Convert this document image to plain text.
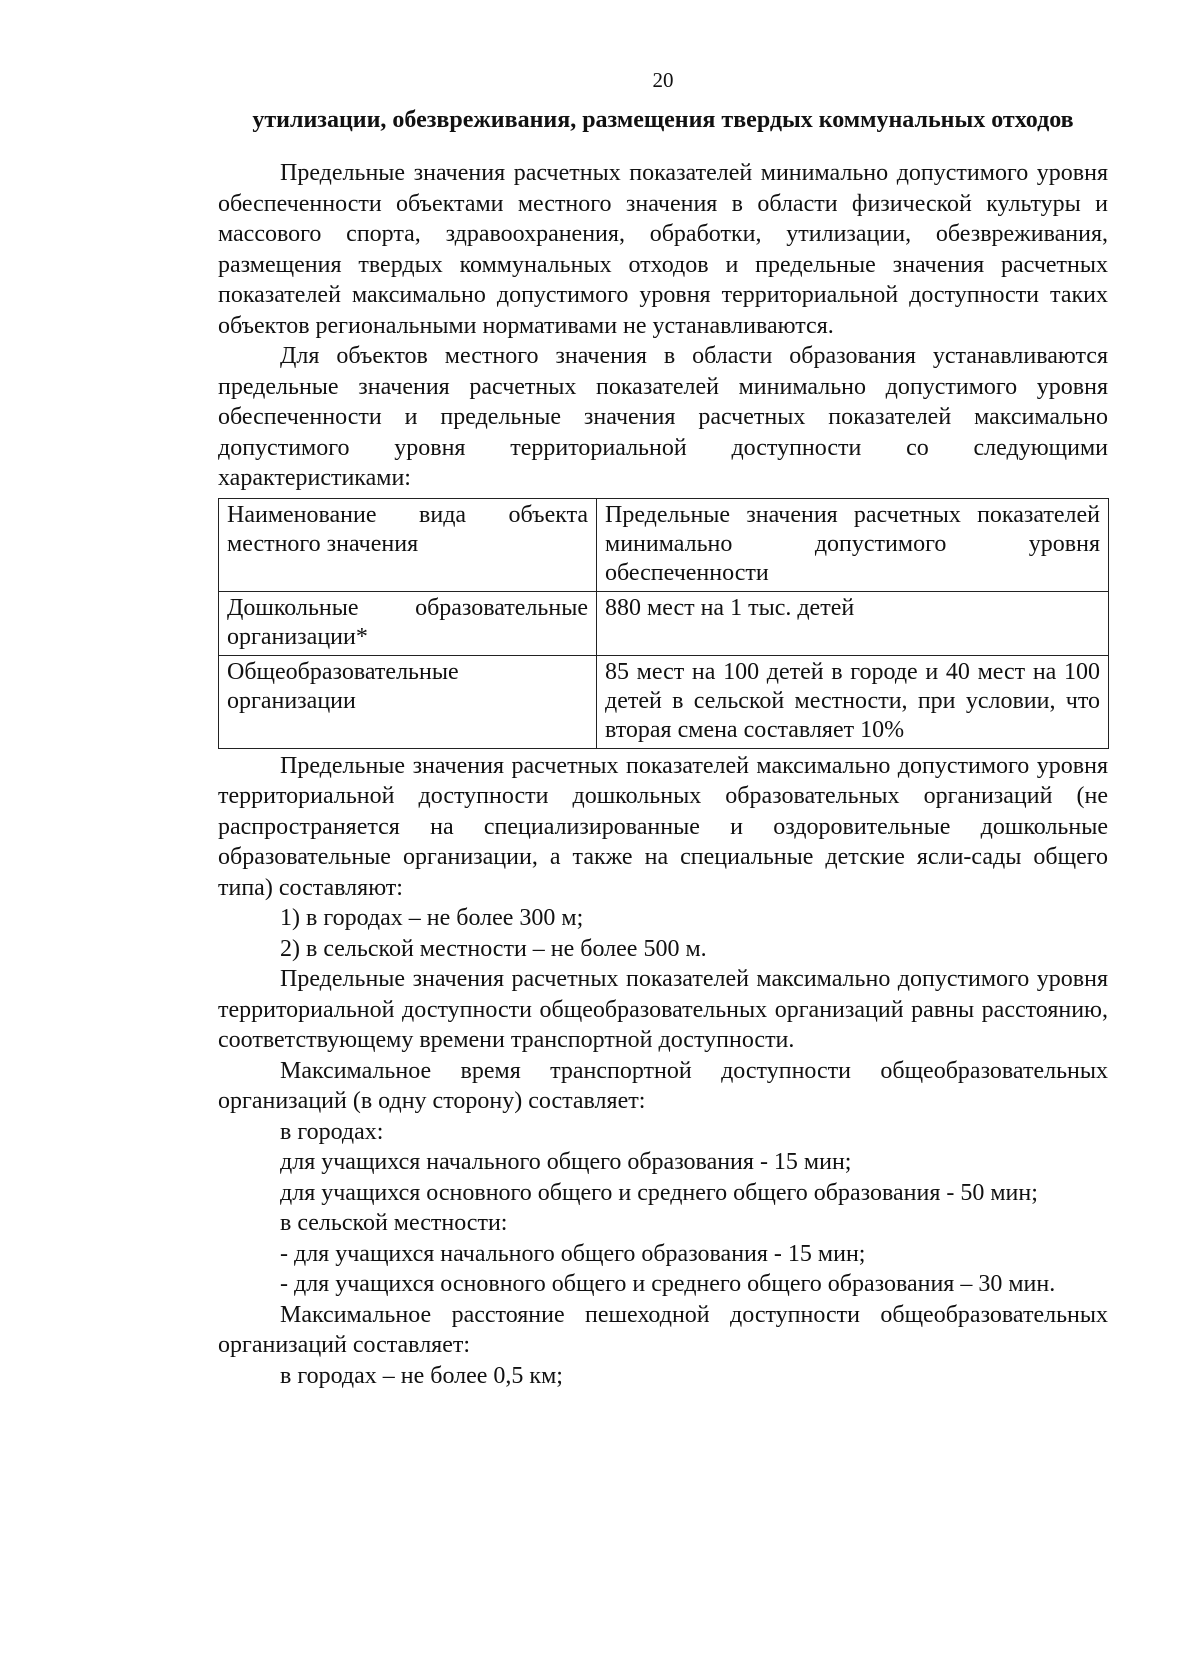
20
утилизации, обезвреживания, размещения твердых коммунальных отходов

Предельные значения расчетных показателей минимально допустимого уровня обеспеченности объектами местного значения в области физической культуры и массового спорта, здравоохранения, обработки, утилизации, обезвреживания, размещения твердых коммунальных отходов и предельные значения расчетных показателей максимально допустимого уровня территориальной доступности таких объектов региональными нормативами не устанавливаются.

Для объектов местного значения в области образования устанавливаются предельные значения расчетных показателей минимально допустимого уровня обеспеченности и предельные значения расчетных показателей максимально допустимого уровня территориальной доступности со следующими характеристиками:

Наименование вида объекта местного значения	Предельные значения расчетных показателей минимально допустимого уровня обеспеченности
Дошкольные образовательные организации*	880 мест на 1 тыс. детей
Общеобразовательные организации	85 мест на 100 детей в городе и 40 мест на 100 детей в сельской местности, при условии, что вторая смена составляет 10%

Предельные значения расчетных показателей максимально допустимого уровня территориальной доступности дошкольных образовательных организаций (не распространяется на специализированные и оздоровительные дошкольные образовательные организации, а также на специальные детские ясли-сады общего типа) составляют:

1) в городах – не более 300 м;

2) в сельской местности – не более 500 м.

Предельные значения расчетных показателей максимально допустимого уровня территориальной доступности общеобразовательных организаций равны расстоянию, соответствующему времени транспортной доступности.

Максимальное время транспортной доступности общеобразовательных организаций (в одну сторону) составляет:

в городах:

для учащихся начального общего образования - 15 мин;

для учащихся основного общего и среднего общего образования - 50 мин;

в сельской местности:

- для учащихся начального общего образования - 15 мин;

- для учащихся основного общего и среднего общего образования – 30 мин.

Максимальное расстояние пешеходной доступности общеобразовательных организаций составляет:

в городах – не более 0,5 км;
